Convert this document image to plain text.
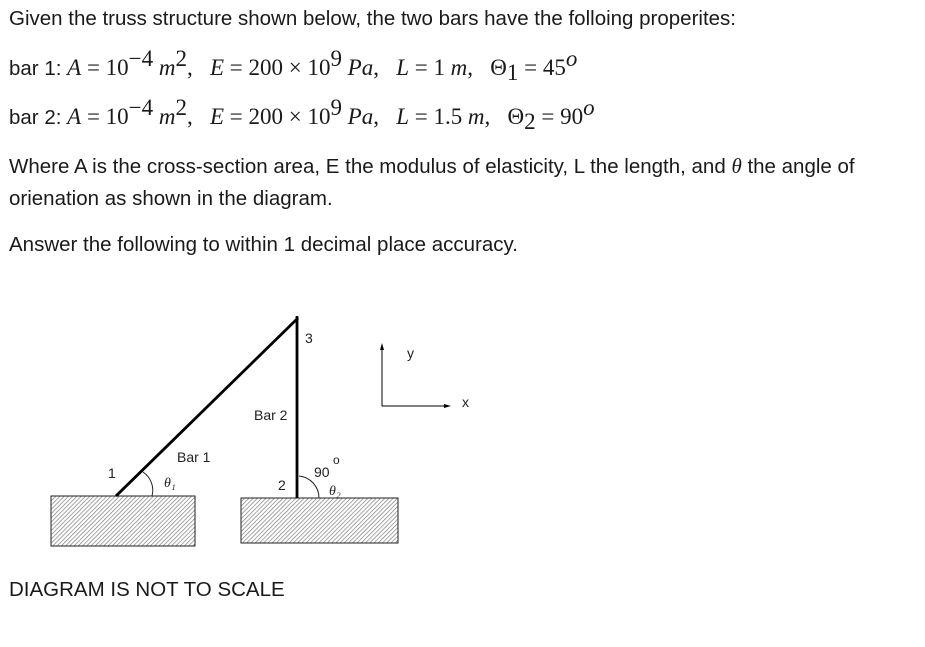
Given the truss structure shown below, the two bars have the folloing properites:

bar 1: $A = 10^{-4}$ $m^2$,   $E = 200 \times 10^9$ Pa,   L = 1 m,   $\Theta_1 = 45^o$

bar 2: $A = 10^{-4}$ $m^2$,   $E = 200 \times 10^9$ Pa,   L = 1.5 m,   $\Theta_2 = 90^o$

Where A is the cross-section area, E the modulus of elasticity, L the length, and θ the angle of orienation as shown in the diagram.

Answer the following to within 1 decimal place accuracy.

1
2
3
Bar 1
Bar 2
θ₁
θ₂
90
o
y
x

DIAGRAM IS NOT TO SCALE
